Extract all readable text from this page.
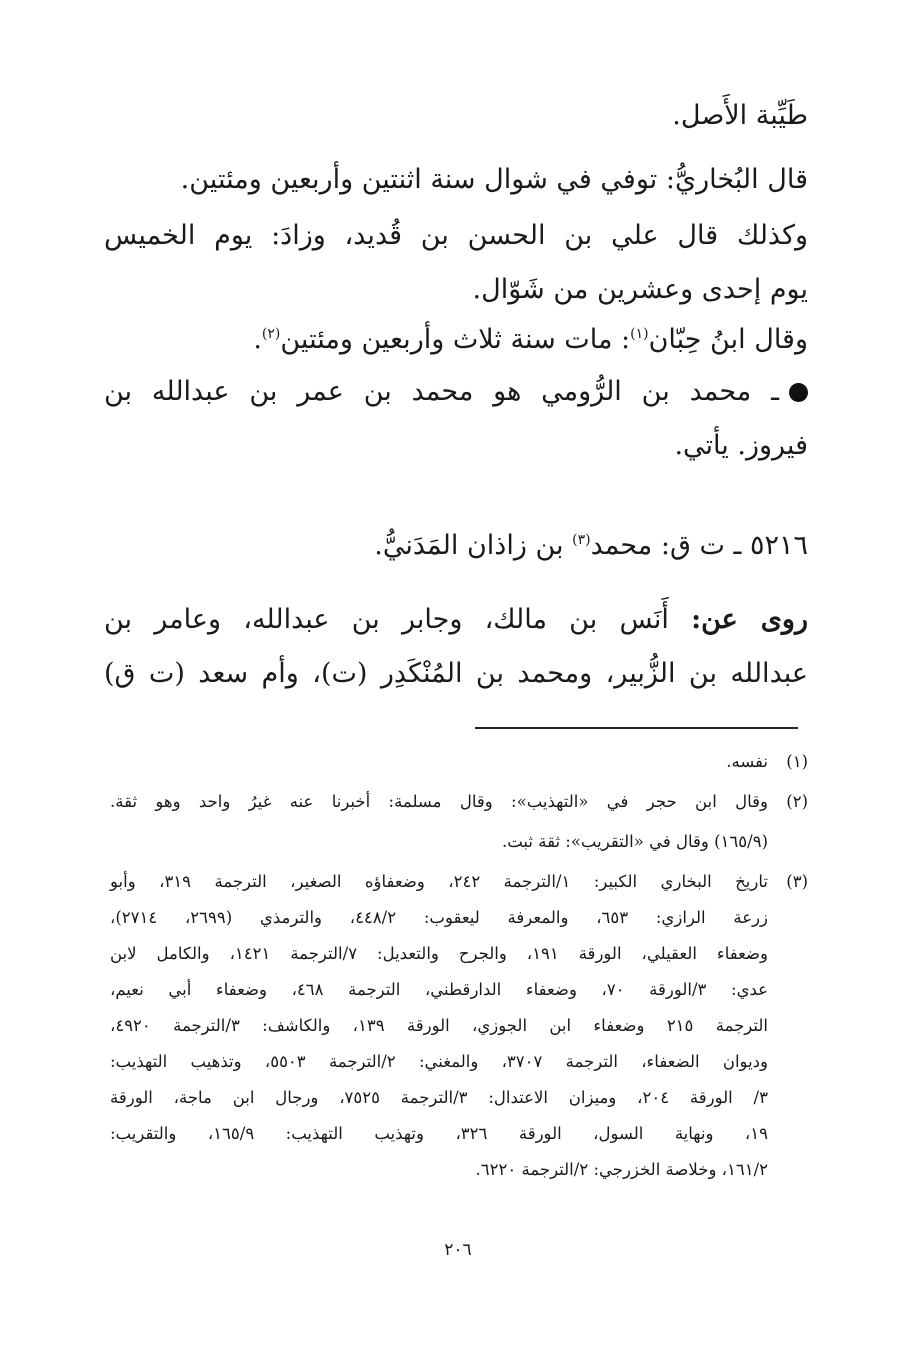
طَيِّبة الأَصل.
قال البُخاريُّ: توفي في شوال سنة اثنتين وأربعين ومئتين.
وكذلك قال علي بن الحسن بن قُديد، وزادَ: يوم الخميس
يوم إحدى وعشرين من شَوّال.
وقال ابنُ حِبّان$^{(١)}$: مات سنة ثلاث وأربعين ومئتين$^{(٢)}$.
ـ محمد بن الرُّومي هو محمد بن عمر بن عبدالله بن
فيروز. يأتي.
٥٢١٦ ـ ت ق: محمد$^{(٣)}$ بن زاذان المَدَنيُّ.
روى عن: أَنَس بن مالك، وجابر بن عبدالله، وعامر بن
عبدالله بن الزُّبير، ومحمد بن المُنْكَدِر (ت)، وأم سعد (ت ق)
(١)
نفسه.
(٢)
وقال ابن حجر في «التهذيب»: وقال مسلمة: أخبرنا عنه غيرُ واحد وهو ثقة.
(١٦٥/٩) وقال في «التقريب»: ثقة ثبت.
(٣)
تاريخ البخاري الكبير: ١/الترجمة ٢٤٢، وضعفاؤه الصغير، الترجمة ٣١٩، وأبو
زرعة الرازي: ٦٥٣، والمعرفة ليعقوب: ٤٤٨/٢، والترمذي (٢٦٩٩، ٢٧١٤)،
وضعفاء العقيلي، الورقة ١٩١، والجرح والتعديل: ٧/الترجمة ١٤٢١، والكامل لابن
عدي: ٣/الورقة ٧٠، وضعفاء الدارقطني، الترجمة ٤٦٨، وضعفاء أبي نعيم،
الترجمة ٢١٥ وضعفاء ابن الجوزي، الورقة ١٣٩، والكاشف: ٣/الترجمة ٤٩٢٠،
وديوان الضعفاء، الترجمة ٣٧٠٧، والمغني: ٢/الترجمة ٥٥٠٣، وتذهيب التهذيب:
٣/ الورقة ٢٠٤، وميزان الاعتدال: ٣/الترجمة ٧٥٢٥، ورجال ابن ماجة، الورقة
١٩، ونهاية السول، الورقة ٣٢٦، وتهذيب التهذيب: ١٦٥/٩، والتقريب:
١٦١/٢، وخلاصة الخزرجي: ٢/الترجمة ٦٢٢٠.
٢٠٦
